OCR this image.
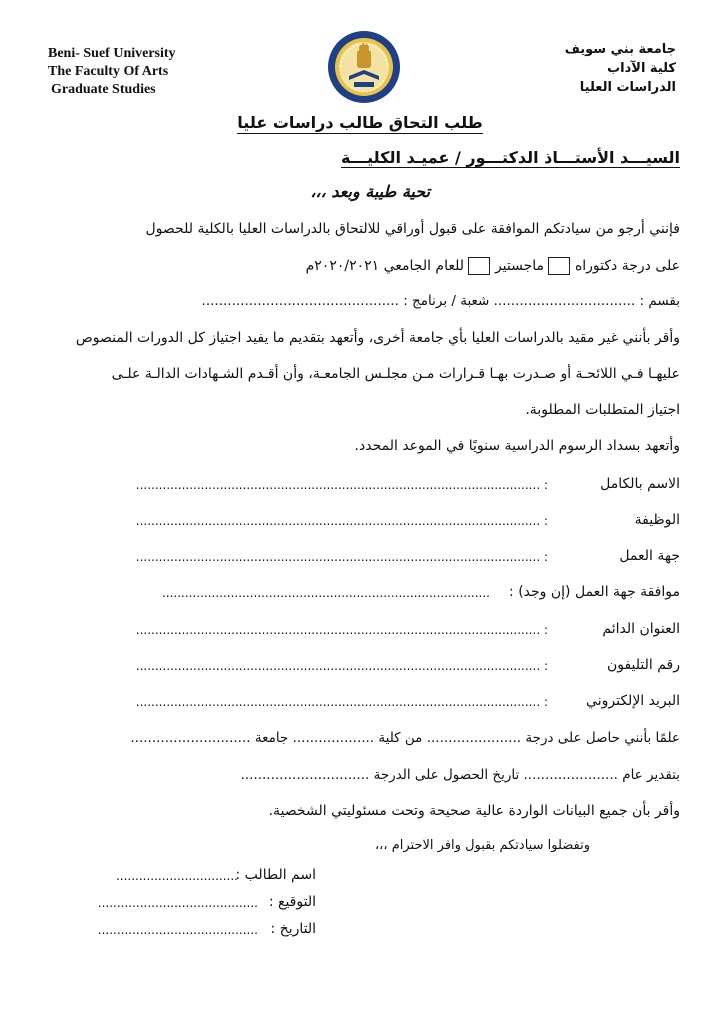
Beni- Suef University
The Faculty Of Arts
Graduate Studies
جامعة بني سويف
كلية الآداب
الدراسات العليا
طلب التحاق طالب دراسات عليا
السيـــد الأستـــاذ الدكتـــور / عميـد الكليـــة
تحية طيبة وبعد ،،،
فإنني أرجو من سيادتكم الموافقة على قبول أوراقي للالتحاق بالدراسات العليا بالكلية للحصول
على درجة دكتوراه  ماجستير  للعام الجامعي ٢٠٢٠/٢٠٢١م
بقسم : ................................. شعبة / برنامج : ..............................................
وأقر بأنني غير مقيد بالدراسات العليا بأي جامعة أخرى، وأتعهد بتقديم ما يفيد اجتياز كل الدورات المنصوص
عليهـا فـي اللائحـة أو صـدرت بهـا قـرارات مـن مجلـس الجامعـة، وأن أقـدم الشـهادات الدالـة علـى
اجتياز المتطلبات المطلوبة.
وأتعهد بسداد الرسوم الدراسية سنويًا في الموعد المحدد.
الاسم بالكامل
: ..........................................................................................................
الوظيفة
: ..........................................................................................................
جهة العمل
: ..........................................................................................................
موافقة جهة العمل (إن وجد) :
......................................................................................
العنوان الدائم
: ..........................................................................................................
رقم التليفون
: ..........................................................................................................
البريد الإلكتروني
: ..........................................................................................................
علمًا بأنني حاصل على درجة ...................... من كلية ................... جامعة ............................
بتقدير عام ...................... تاريخ الحصول على الدرجة ..............................
وأقر بأن جميع البيانات الواردة عالية صحيحة وتحت مسئوليتي الشخصية.
وتفضلوا سيادتكم بقبول وافر الاحترام ،،،
اسم الطالب :
................................
التوقيع :
..........................................
التاريخ :
..........................................
